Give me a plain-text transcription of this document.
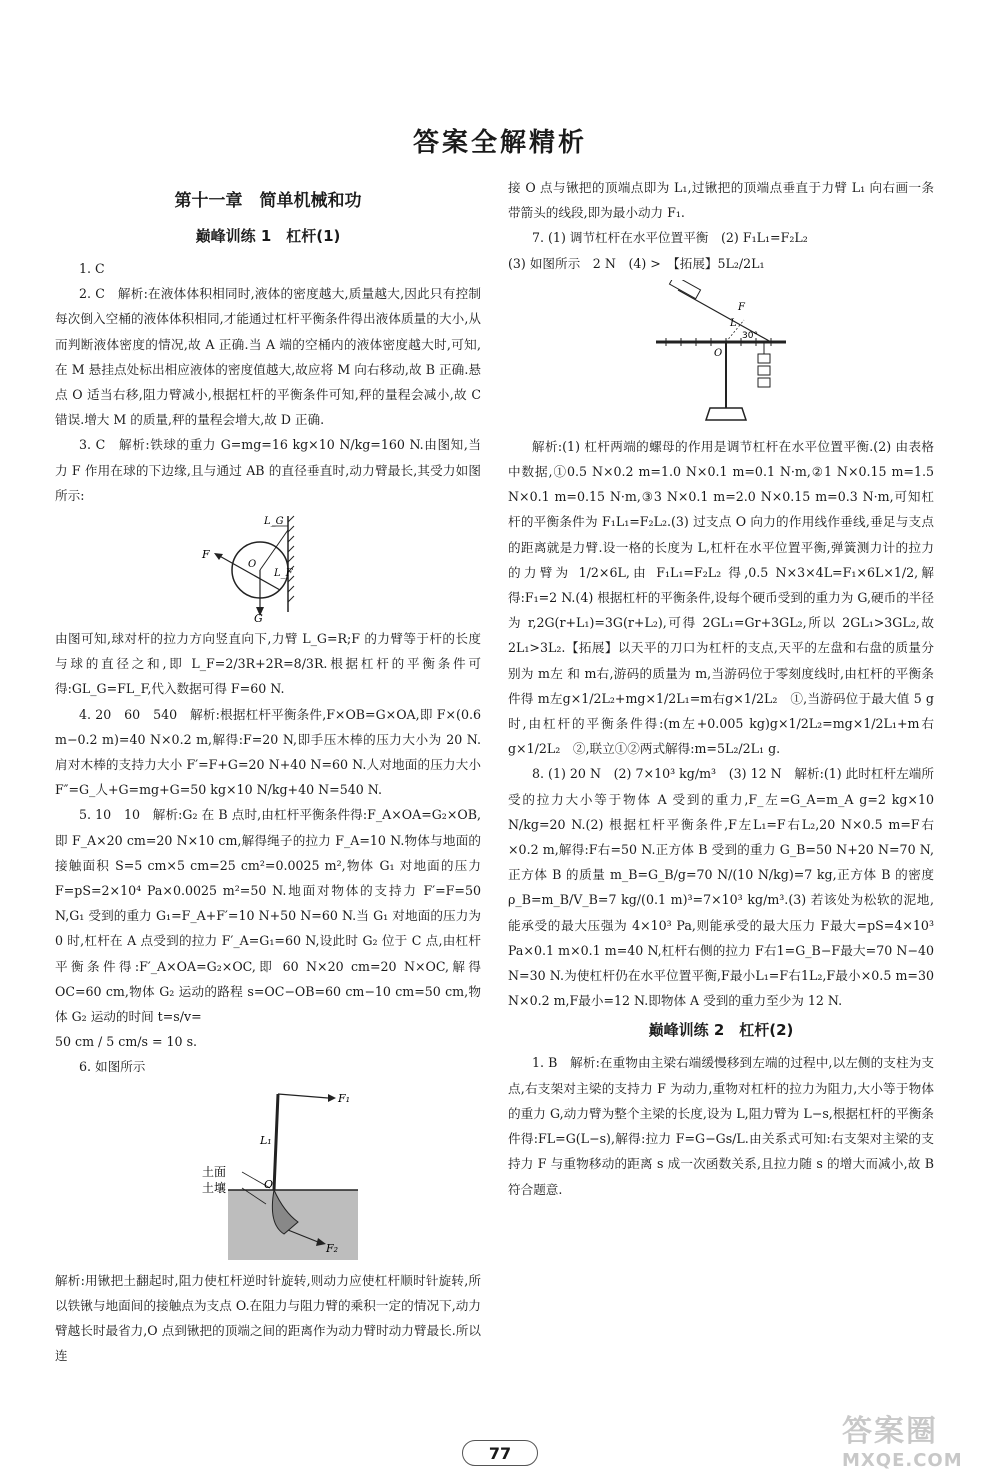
答案全解精析
第十一章　简单机械和功
巅峰训练 1　杠杆(1)

1. C

2. C　解析:在液体体积相同时,液体的密度越大,质量越大,因此只有控制每次倒入空桶的液体体积相同,才能通过杠杆平衡条件得出液体质量的大小,从而判断液体密度的情况,故 A 正确.当 A 端的空桶内的液体密度越大时,可知,在 M 悬挂点处标出相应液体的密度值越大,故应将 M 向右移动,故 B 正确.悬点 O 适当右移,阻力臂减小,根据杠杆的平衡条件可知,秤的量程会减小,故 C 错误.增大 M 的质量,秤的量程会增大,故 D 正确.

3. C　解析:铁球的重力 G=mg=16 kg×10 N/kg=160 N.由图知,当力 F 作用在球的下边缘,且与通过 AB 的直径垂直时,动力臂最长,其受力如图所示:

L_G
F
O
L_F
G

由图可知,球对杆的拉力方向竖直向下,力臂 L_G=R;F 的力臂等于杆的长度与球的直径之和,即 L_F=2/3R+2R=8/3R.根据杠杆的平衡条件可得:GL_G=FL_F,代入数据可得 F=60 N.

4. 20　60　540　解析:根据杠杆平衡条件,F×OB=G×OA,即 F×(0.6 m−0.2 m)=40 N×0.2 m,解得:F=20 N,即手压木棒的压力大小为 20 N.肩对木棒的支持力大小 F′=F+G=20 N+40 N=60 N.人对地面的压力大小 F″=G_人+G=mg+G=50 kg×10 N/kg+40 N=540 N.

5. 10　10　解析:G₂ 在 B 点时,由杠杆平衡条件得:F_A×OA=G₂×OB,即 F_A×20 cm=20 N×10 cm,解得绳子的拉力 F_A=10 N.物体与地面的接触面积 S=5 cm×5 cm=25 cm²=0.0025 m²,物体 G₁ 对地面的压力 F=pS=2×10⁴ Pa×0.0025 m²=50 N.地面对物体的支持力 F′=F=50 N,G₁ 受到的重力 G₁=F_A+F′=10 N+50 N=60 N.当 G₁ 对地面的压力为 0 时,杠杆在 A 点受到的拉力 F′_A=G₁=60 N,设此时 G₂ 位于 C 点,由杠杆平衡条件得:F′_A×OA=G₂×OC,即 60 N×20 cm=20 N×OC,解得 OC=60 cm,物体 G₂ 运动的路程 s=OC−OB=60 cm−10 cm=50 cm,物体 G₂ 运动的时间 t=s/v=

50 cm / 5 cm/s = 10 s.

6. 如图所示

F₁
L₁
土面
土壤	O
F₂

解析:用锹把土翻起时,阻力使杠杆逆时针旋转,则动力应使杠杆顺时针旋转,所以铁锹与地面间的接触点为支点 O.在阻力与阻力臂的乘积一定的情况下,动力臂越长时最省力,O 点到锹把的顶端之间的距离作为动力臂时动力臂最长.所以连

接 O 点与锹把的顶端点即为 L₁,过锹把的顶端点垂直于力臂 L₁ 向右画一条带箭头的线段,即为最小动力 F₁.

7. (1) 调节杠杆在水平位置平衡　(2) F₁L₁=F₂L₂

(3) 如图所示　2 N　(4) >　【拓展】5L₂/2L₁

F
L
30°
O

解析:(1) 杠杆两端的螺母的作用是调节杠杆在水平位置平衡.(2) 由表格中数据,①0.5 N×0.2 m=1.0 N×0.1 m=0.1 N·m,②1 N×0.15 m=1.5 N×0.1 m=0.15 N·m,③3 N×0.1 m=2.0 N×0.15 m=0.3 N·m,可知杠杆的平衡条件为 F₁L₁=F₂L₂.(3) 过支点 O 向力的作用线作垂线,垂足与支点的距离就是力臂.设一格的长度为 L,杠杆在水平位置平衡,弹簧测力计的拉力的力臂为 1/2×6L,由 F₁L₁=F₂L₂ 得,0.5 N×3×4L=F₁×6L×1/2,解得:F₁=2 N.(4) 根据杠杆的平衡条件,设每个硬币受到的重力为 G,硬币的半径为 r,2G(r+L₁)=3G(r+L₂),可得 2GL₁=Gr+3GL₂,所以 2GL₁>3GL₂,故 2L₁>3L₂.【拓展】以天平的刀口为杠杆的支点,天平的左盘和右盘的质量分别为 m左 和 m右,游码的质量为 m,当游码位于零刻度线时,由杠杆的平衡条件得 m左g×1/2L₂+mg×1/2L₁=m右g×1/2L₂　①,当游码位于最大值 5 g 时,由杠杆的平衡条件得:(m左+0.005 kg)g×1/2L₂=mg×1/2L₁+m右g×1/2L₂　②,联立①②两式解得:m=5L₂/2L₁ g.

8. (1) 20 N　(2) 7×10³ kg/m³　(3) 12 N　解析:(1) 此时杠杆左端所受的拉力大小等于物体 A 受到的重力,F_左=G_A=m_A g=2 kg×10 N/kg=20 N.(2) 根据杠杆平衡条件,F左L₁=F右L₂,20 N×0.5 m=F右×0.2 m,解得:F右=50 N.正方体 B 受到的重力 G_B=50 N+20 N=70 N,正方体 B 的质量 m_B=G_B/g=70 N/(10 N/kg)=7 kg,正方体 B 的密度 ρ_B=m_B/V_B=7 kg/(0.1 m)³=7×10³ kg/m³.(3) 若该处为松软的泥地,能承受的最大压强为 4×10³ Pa,则能承受的最大压力 F最大=pS=4×10³ Pa×0.1 m×0.1 m=40 N,杠杆右侧的拉力 F右1=G_B−F最大=70 N−40 N=30 N.为使杠杆仍在水平位置平衡,F最小L₁=F右1L₂,F最小×0.5 m=30 N×0.2 m,F最小=12 N.即物体 A 受到的重力至少为 12 N.

巅峰训练 2　杠杆(2)

1. B　解析:在重物由主梁右端缓慢移到左端的过程中,以左侧的支柱为支点,右支架对主梁的支持力 F 为动力,重物对杠杆的拉力为阻力,大小等于物体的重力 G,动力臂为整个主梁的长度,设为 L,阻力臂为 L−s,根据杠杆的平衡条件得:FL=G(L−s),解得:拉力 F=G−Gs/L.由关系式可知:右支架对主梁的支持力 F 与重物移动的距离 s 成一次函数关系,且拉力随 s 的增大而减小,故 B 符合题意.

77
答案圈
MXQE.COM
